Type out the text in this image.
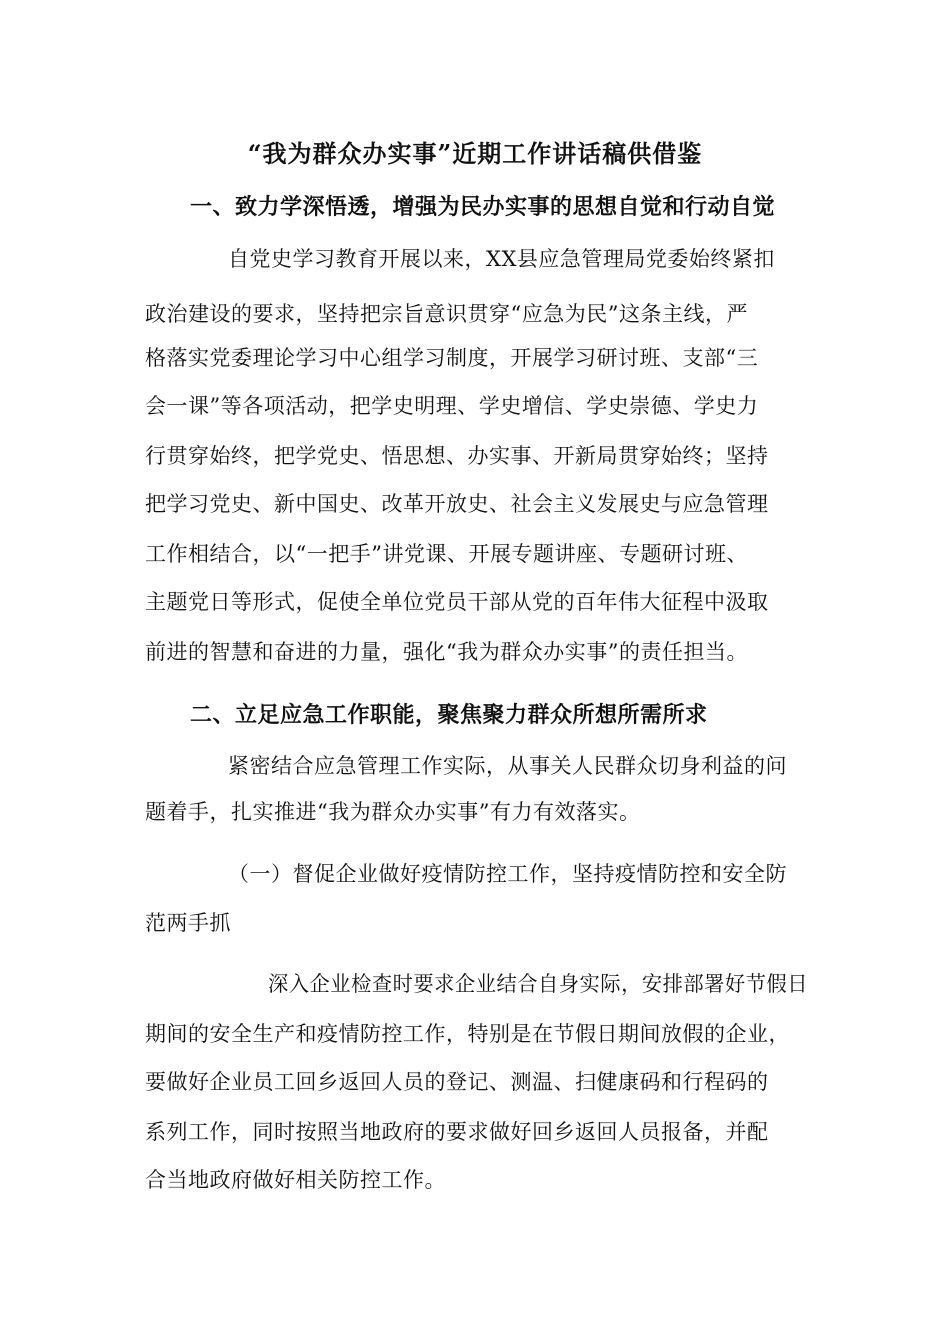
“我为群众办实事”近期工作讲话稿供借鉴
一、致力学深悟透，增强为民办实事的思想自觉和行动自觉
自党史学习教育开展以来，XX县应急管理局党委始终紧扣
政治建设的要求，坚持把宗旨意识贯穿“应急为民”这条主线，严
格落实党委理论学习中心组学习制度，开展学习研讨班、支部“三
会一课”等各项活动，把学史明理、学史增信、学史崇德、学史力
行贯穿始终，把学党史、悟思想、办实事、开新局贯穿始终；坚持
把学习党史、新中国史、改革开放史、社会主义发展史与应急管理
工作相结合，以“一把手”讲党课、开展专题讲座、专题研讨班、
主题党日等形式，促使全单位党员干部从党的百年伟大征程中汲取
前进的智慧和奋进的力量，强化“我为群众办实事”的责任担当。
二、立足应急工作职能，聚焦聚力群众所想所需所求
紧密结合应急管理工作实际，从事关人民群众切身利益的问
题着手，扎实推进“我为群众办实事”有力有效落实。
（一）督促企业做好疫情防控工作，坚持疫情防控和安全防
范两手抓
深入企业检查时要求企业结合自身实际，安排部署好节假日
期间的安全生产和疫情防控工作，特别是在节假日期间放假的企业，
要做好企业员工回乡返回人员的登记、测温、扫健康码和行程码的
系列工作，同时按照当地政府的要求做好回乡返回人员报备，并配
合当地政府做好相关防控工作。
